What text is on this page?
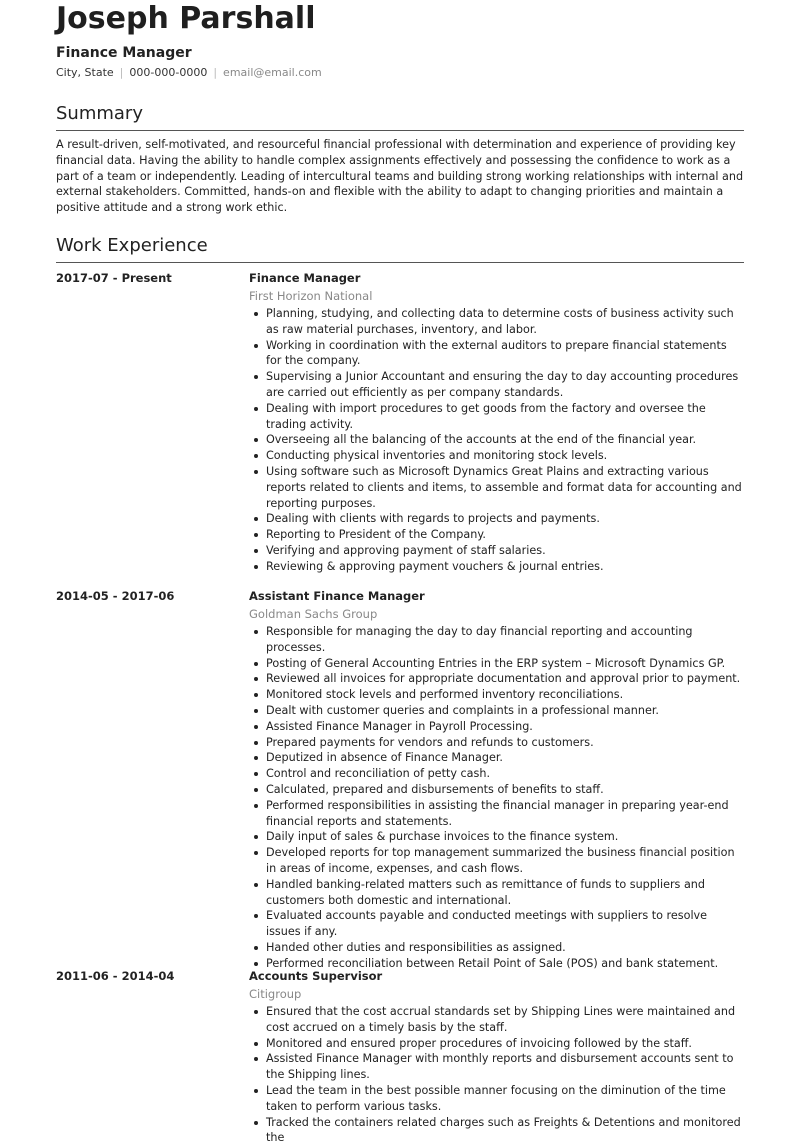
Joseph Parshall
Finance Manager
City, State | 000-000-0000 | email@email.com
Summary

A result-driven, self-motivated, and resourceful financial professional with determination and experience of providing key financial data. Having the ability to handle complex assignments effectively and possessing the confidence to work as a part of a team or independently. Leading of intercultural teams and building strong working relationships with internal and external stakeholders. Committed, hands-on and flexible with the ability to adapt to changing priorities and maintain a positive attitude and a strong work ethic.

Work Experience
2017-07 - Present	Finance Manager
First Horizon National
Planning, studying, and collecting data to determine costs of business activity such as raw material purchases, inventory, and labor.
Working in coordination with the external auditors to prepare financial statements for the company.
Supervising a Junior Accountant and ensuring the day to day accounting procedures are carried out efficiently as per company standards.
Dealing with import procedures to get goods from the factory and oversee the trading activity.
Overseeing all the balancing of the accounts at the end of the financial year.
Conducting physical inventories and monitoring stock levels.
Using software such as Microsoft Dynamics Great Plains and extracting various reports related to clients and items, to assemble and format data for accounting and reporting purposes.
Dealing with clients with regards to projects and payments.
Reporting to President of the Company.
Verifying and approving payment of staff salaries.
Reviewing & approving payment vouchers & journal entries.
2014-05 - 2017-06	Assistant Finance Manager
Goldman Sachs Group
Responsible for managing the day to day financial reporting and accounting processes.
Posting of General Accounting Entries in the ERP system – Microsoft Dynamics GP.
Reviewed all invoices for appropriate documentation and approval prior to payment.
Monitored stock levels and performed inventory reconciliations.
Dealt with customer queries and complaints in a professional manner.
Assisted Finance Manager in Payroll Processing.
Prepared payments for vendors and refunds to customers.
Deputized in absence of Finance Manager.
Control and reconciliation of petty cash.
Calculated, prepared and disbursements of benefits to staff.
Performed responsibilities in assisting the financial manager in preparing year-end financial reports and statements.
Daily input of sales & purchase invoices to the finance system.
Developed reports for top management summarized the business financial position in areas of income, expenses, and cash flows.
Handled banking-related matters such as remittance of funds to suppliers and customers both domestic and international.
Evaluated accounts payable and conducted meetings with suppliers to resolve issues if any.
Handed other duties and responsibilities as assigned.
Performed reconciliation between Retail Point of Sale (POS) and bank statement.
2011-06 - 2014-04	Accounts Supervisor
Citigroup
Ensured that the cost accrual standards set by Shipping Lines were maintained and cost accrued on a timely basis by the staff.
Monitored and ensured proper procedures of invoicing followed by the staff.
Assisted Finance Manager with monthly reports and disbursement accounts sent to the Shipping lines.
Lead the team in the best possible manner focusing on the diminution of the time taken to perform various tasks.
Tracked the containers related charges such as Freights & Detentions and monitored the
